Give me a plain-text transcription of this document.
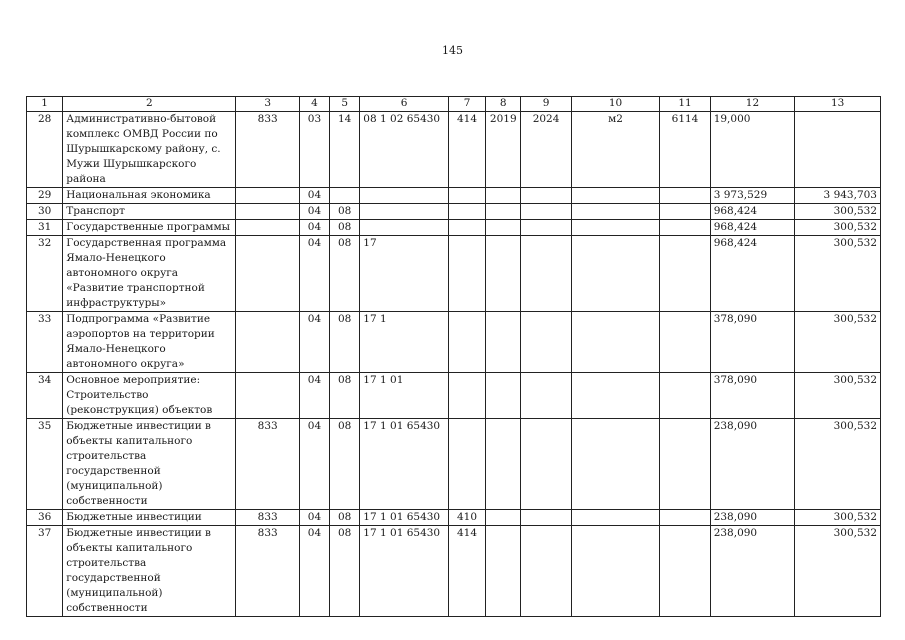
145
1	2	3	4	5	6	7	8	9	10	11	12	13
28	Административно-бытовой комплекс ОМВД России по Шурышкарскому району, с. Мужи Шурышкарского района	833	03	14	08 1 02 65430	414	2019	2024	м2	6114	19,000	
29	Национальная экономика		04								3 973,529	3 943,703
30	Транспорт		04	08							968,424	300,532
31	Государственные программы		04	08							968,424	300,532
32	Государственная программа Ямало-Ненецкого автономного округа «Развитие транспортной инфраструктуры»		04	08	17						968,424	300,532
33	Подпрограмма «Развитие аэропортов на территории Ямало-Ненецкого автономного округа»		04	08	17 1						378,090	300,532
34	Основное мероприятие: Строительство (реконструкция) объектов		04	08	17 1 01						378,090	300,532
35	Бюджетные инвестиции в объекты капитального строительства государственной (муниципальной) собственности	833	04	08	17 1 01 65430						238,090	300,532
36	Бюджетные инвестиции	833	04	08	17 1 01 65430	410					238,090	300,532
37	Бюджетные инвестиции в объекты капитального строительства государственной (муниципальной) собственности	833	04	08	17 1 01 65430	414					238,090	300,532
